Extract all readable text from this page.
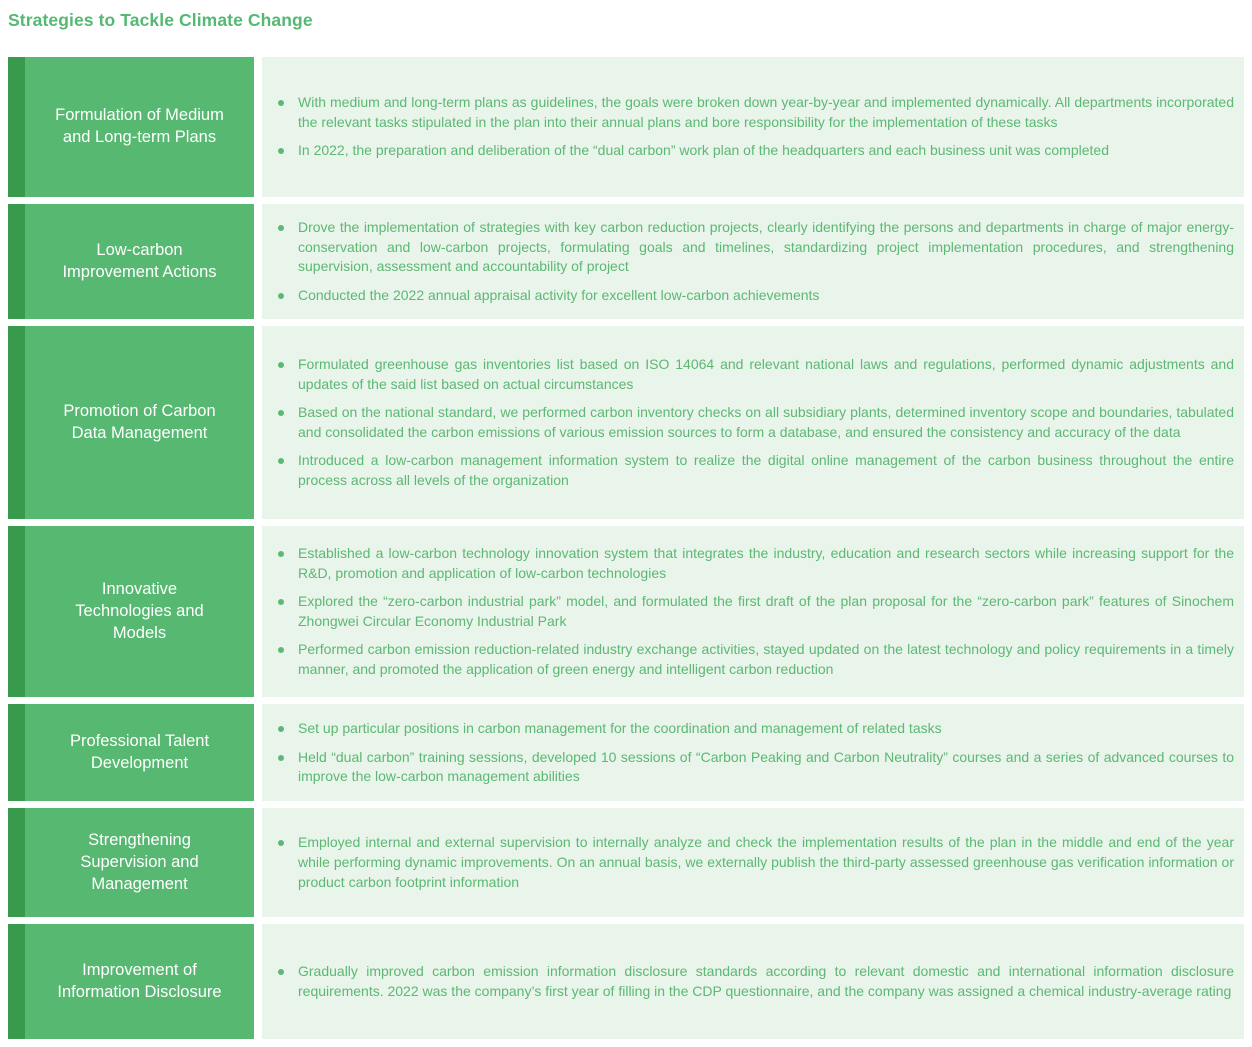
Strategies to Tackle Climate Change
Formulation of Medium and Long-term Plans

With medium and long-term plans as guidelines, the goals were broken down year-by-year and implemented dynamically. All departments incorporated the relevant tasks stipulated in the plan into their annual plans and bore responsibility for the implementation of these tasks

In 2022, the preparation and deliberation of the “dual carbon” work plan of the headquarters and each business unit was completed

Low-carbon Improvement Actions

Drove the implementation of strategies with key carbon reduction projects, clearly identifying the persons and departments in charge of major energy-conservation and low-carbon projects, formulating goals and timelines, standardizing project implementation procedures, and strengthening supervision, assessment and accountability of project

Conducted the 2022 annual appraisal activity for excellent low-carbon achievements

Promotion of Carbon Data Management

Formulated greenhouse gas inventories list based on ISO 14064 and relevant national laws and regulations, performed dynamic adjustments and updates of the said list based on actual circumstances

Based on the national standard, we performed carbon inventory checks on all subsidiary plants, determined inventory scope and boundaries, tabulated and consolidated the carbon emissions of various emission sources to form a database, and ensured the consistency and accuracy of the data

Introduced a low-carbon management information system to realize the digital online management of the carbon business throughout the entire process across all levels of the organization

Innovative Technologies and Models

Established a low-carbon technology innovation system that integrates the industry, education and research sectors while increasing support for the R&D, promotion and application of low-carbon technologies

Explored the “zero-carbon industrial park” model, and formulated the first draft of the plan proposal for the “zero-carbon park” features of Sinochem Zhongwei Circular Economy Industrial Park

Performed carbon emission reduction-related industry exchange activities, stayed updated on the latest technology and policy requirements in a timely manner, and promoted the application of green energy and intelligent carbon reduction

Professional Talent Development

Set up particular positions in carbon management for the coordination and management of related tasks

Held “dual carbon” training sessions, developed 10 sessions of “Carbon Peaking and Carbon Neutrality” courses and a series of advanced courses to improve the low-carbon management abilities

Strengthening Supervision and Management

Employed internal and external supervision to internally analyze and check the implementation results of the plan in the middle and end of the year while performing dynamic improvements. On an annual basis, we externally publish the third-party assessed greenhouse gas verification information or product carbon footprint information

Improvement of Information Disclosure

Gradually improved carbon emission information disclosure standards according to relevant domestic and international information disclosure requirements. 2022 was the company’s first year of filling in the CDP questionnaire, and the company was assigned a chemical industry-average rating
